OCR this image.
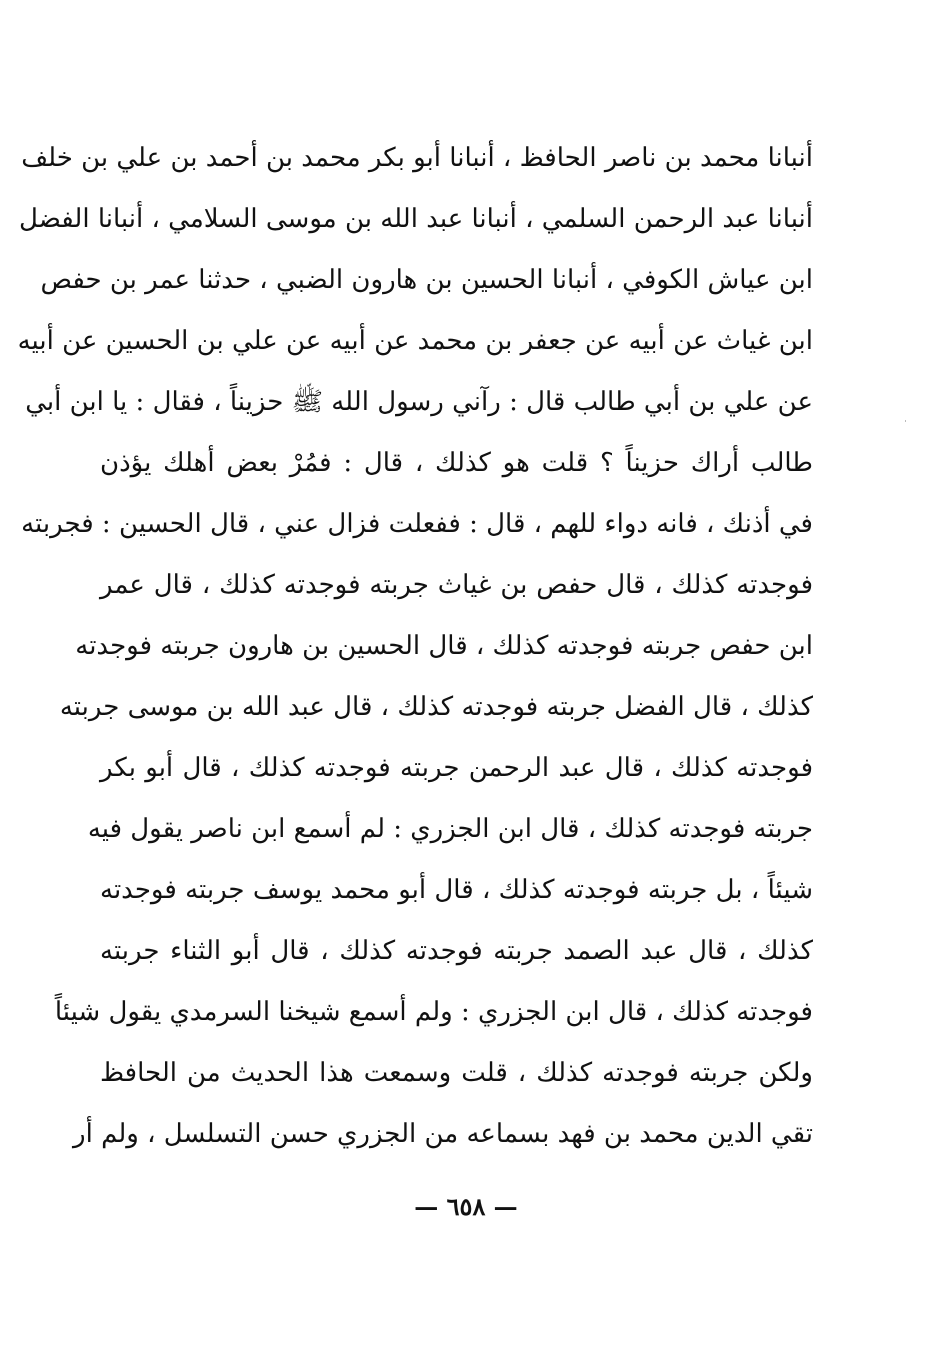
أنبانا محمد بن ناصر الحافظ ، أنبانا أبو بكر محمد بن أحمد بن علي بن خلف
أنبانا عبد الرحمن السلمي ، أنبانا عبد الله بن موسى السلامي ، أنبانا الفضل
ابن عياش الكوفي ، أنبانا الحسين بن هارون الضبي ، حدثنا عمر بن حفص
ابن غياث عن أبيه عن جعفر بن محمد عن أبيه عن علي بن الحسين عن أبيه
عن علي بن أبي طالب قال : رآني رسول الله ﷺ حزيناً ، فقال : يا ابن أبي
طالب أراك حزيناً ؟ قلت هو كذلك ، قال : فمُرْ بعض أهلك يؤذن
في أذنك ، فانه دواء للهم ، قال : ففعلت فزال عني ، قال الحسين : فجربته
فوجدته كذلك ، قال حفص بن غياث جربته فوجدته كذلك ، قال عمر
ابن حفص جربته فوجدته كذلك ، قال الحسين بن هارون جربته فوجدته
كذلك ، قال الفضل جربته فوجدته كذلك ، قال عبد الله بن موسى جربته
فوجدته كذلك ، قال عبد الرحمن جربته فوجدته كذلك ، قال أبو بكر
جربته فوجدته كذلك ، قال ابن الجزري : لم أسمع ابن ناصر يقول فيه
شيئاً ، بل جربته فوجدته كذلك ، قال أبو محمد يوسف جربته فوجدته
كذلك ، قال عبد الصمد جربته فوجدته كذلك ، قال أبو الثناء جربته
فوجدته كذلك ، قال ابن الجزري : ولم أسمع شيخنا السرمدي يقول شيئاً
ولكن جربته فوجدته كذلك ، قلت وسمعت هذا الحديث من الحافظ
تقي الدين محمد بن فهد بسماعه من الجزري حسن التسلسل ، ولم أر
— ٦٥٨ —
